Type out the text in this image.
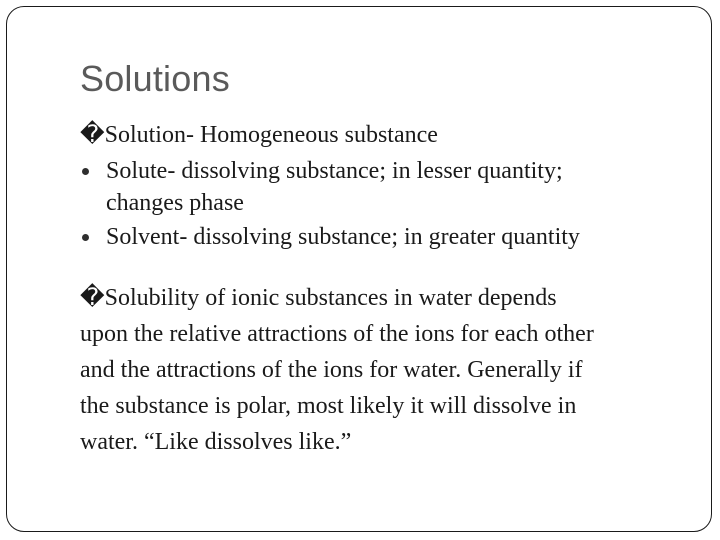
Solutions
�Solution- Homogeneous substance
Solute- dissolving substance; in lesser quantity;
changes phase
Solvent- dissolving substance; in greater quantity
�Solubility of ionic substances in water depends
upon the relative attractions of the ions for each other
and the attractions of the ions for water. Generally if
the substance is polar, most likely it will dissolve in
water. “Like dissolves like.”
